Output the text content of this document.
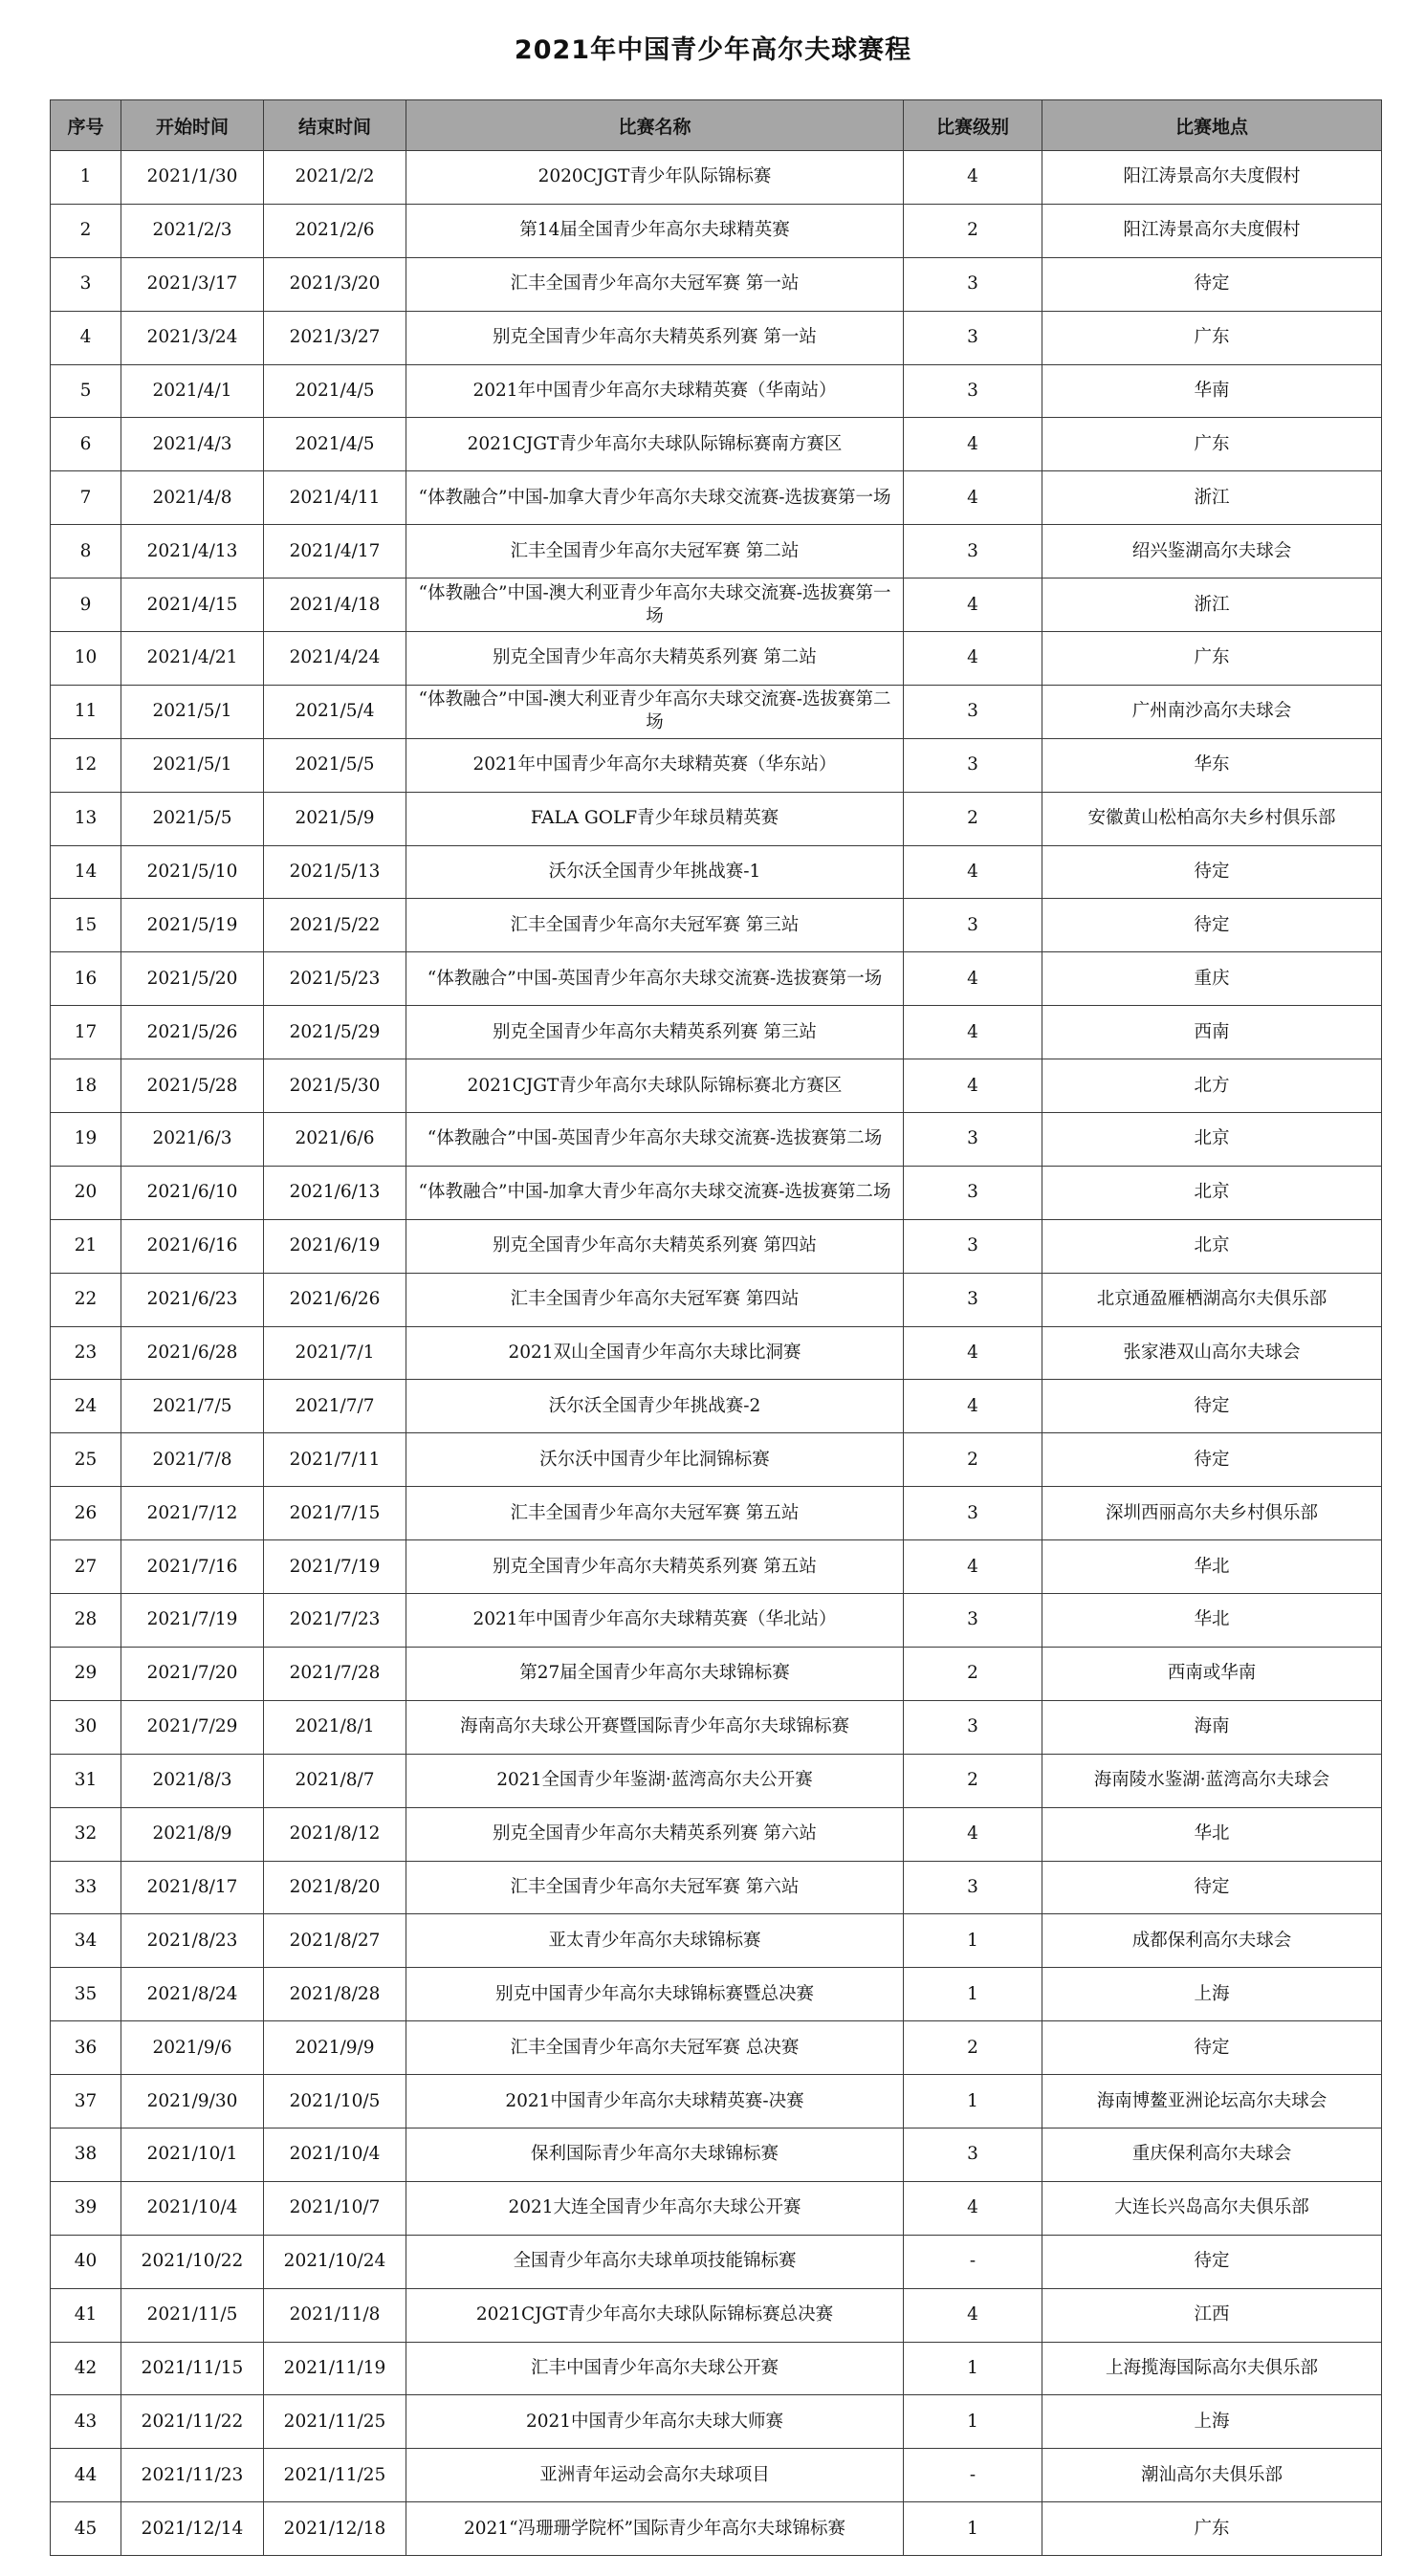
2021年中国青少年高尔夫球赛程
序号	开始时间	结束时间	比赛名称	比赛级别	比赛地点
1	2021/1/30	2021/2/2	2020CJGT青少年队际锦标赛	4	阳江涛景高尔夫度假村
2	2021/2/3	2021/2/6	第14届全国青少年高尔夫球精英赛	2	阳江涛景高尔夫度假村
3	2021/3/17	2021/3/20	汇丰全国青少年高尔夫冠军赛 第一站	3	待定
4	2021/3/24	2021/3/27	别克全国青少年高尔夫精英系列赛 第一站	3	广东
5	2021/4/1	2021/4/5	2021年中国青少年高尔夫球精英赛（华南站）	3	华南
6	2021/4/3	2021/4/5	2021CJGT青少年高尔夫球队际锦标赛南方赛区	4	广东
7	2021/4/8	2021/4/11	“体教融合”中国-加拿大青少年高尔夫球交流赛-选拔赛第一场	4	浙江
8	2021/4/13	2021/4/17	汇丰全国青少年高尔夫冠军赛 第二站	3	绍兴鉴湖高尔夫球会
9	2021/4/15	2021/4/18	“体教融合”中国-澳大利亚青少年高尔夫球交流赛-选拔赛第一场	4	浙江
10	2021/4/21	2021/4/24	别克全国青少年高尔夫精英系列赛 第二站	4	广东
11	2021/5/1	2021/5/4	“体教融合”中国-澳大利亚青少年高尔夫球交流赛-选拔赛第二场	3	广州南沙高尔夫球会
12	2021/5/1	2021/5/5	2021年中国青少年高尔夫球精英赛（华东站）	3	华东
13	2021/5/5	2021/5/9	FALA GOLF青少年球员精英赛	2	安徽黄山松柏高尔夫乡村俱乐部
14	2021/5/10	2021/5/13	沃尔沃全国青少年挑战赛-1	4	待定
15	2021/5/19	2021/5/22	汇丰全国青少年高尔夫冠军赛 第三站	3	待定
16	2021/5/20	2021/5/23	“体教融合”中国-英国青少年高尔夫球交流赛-选拔赛第一场	4	重庆
17	2021/5/26	2021/5/29	别克全国青少年高尔夫精英系列赛 第三站	4	西南
18	2021/5/28	2021/5/30	2021CJGT青少年高尔夫球队际锦标赛北方赛区	4	北方
19	2021/6/3	2021/6/6	“体教融合”中国-英国青少年高尔夫球交流赛-选拔赛第二场	3	北京
20	2021/6/10	2021/6/13	“体教融合”中国-加拿大青少年高尔夫球交流赛-选拔赛第二场	3	北京
21	2021/6/16	2021/6/19	别克全国青少年高尔夫精英系列赛 第四站	3	北京
22	2021/6/23	2021/6/26	汇丰全国青少年高尔夫冠军赛 第四站	3	北京通盈雁栖湖高尔夫俱乐部
23	2021/6/28	2021/7/1	2021双山全国青少年高尔夫球比洞赛	4	张家港双山高尔夫球会
24	2021/7/5	2021/7/7	沃尔沃全国青少年挑战赛-2	4	待定
25	2021/7/8	2021/7/11	沃尔沃中国青少年比洞锦标赛	2	待定
26	2021/7/12	2021/7/15	汇丰全国青少年高尔夫冠军赛 第五站	3	深圳西丽高尔夫乡村俱乐部
27	2021/7/16	2021/7/19	别克全国青少年高尔夫精英系列赛 第五站	4	华北
28	2021/7/19	2021/7/23	2021年中国青少年高尔夫球精英赛（华北站）	3	华北
29	2021/7/20	2021/7/28	第27届全国青少年高尔夫球锦标赛	2	西南或华南
30	2021/7/29	2021/8/1	海南高尔夫球公开赛暨国际青少年高尔夫球锦标赛	3	海南
31	2021/8/3	2021/8/7	2021全国青少年鉴湖·蓝湾高尔夫公开赛	2	海南陵水鉴湖·蓝湾高尔夫球会
32	2021/8/9	2021/8/12	别克全国青少年高尔夫精英系列赛 第六站	4	华北
33	2021/8/17	2021/8/20	汇丰全国青少年高尔夫冠军赛 第六站	3	待定
34	2021/8/23	2021/8/27	亚太青少年高尔夫球锦标赛	1	成都保利高尔夫球会
35	2021/8/24	2021/8/28	别克中国青少年高尔夫球锦标赛暨总决赛	1	上海
36	2021/9/6	2021/9/9	汇丰全国青少年高尔夫冠军赛 总决赛	2	待定
37	2021/9/30	2021/10/5	2021中国青少年高尔夫球精英赛-决赛	1	海南博鳌亚洲论坛高尔夫球会
38	2021/10/1	2021/10/4	保利国际青少年高尔夫球锦标赛	3	重庆保利高尔夫球会
39	2021/10/4	2021/10/7	2021大连全国青少年高尔夫球公开赛	4	大连长兴岛高尔夫俱乐部
40	2021/10/22	2021/10/24	全国青少年高尔夫球单项技能锦标赛	-	待定
41	2021/11/5	2021/11/8	2021CJGT青少年高尔夫球队际锦标赛总决赛	4	江西
42	2021/11/15	2021/11/19	汇丰中国青少年高尔夫球公开赛	1	上海揽海国际高尔夫俱乐部
43	2021/11/22	2021/11/25	2021中国青少年高尔夫球大师赛	1	上海
44	2021/11/23	2021/11/25	亚洲青年运动会高尔夫球项目	-	潮汕高尔夫俱乐部
45	2021/12/14	2021/12/18	2021“冯珊珊学院杯”国际青少年高尔夫球锦标赛	1	广东
